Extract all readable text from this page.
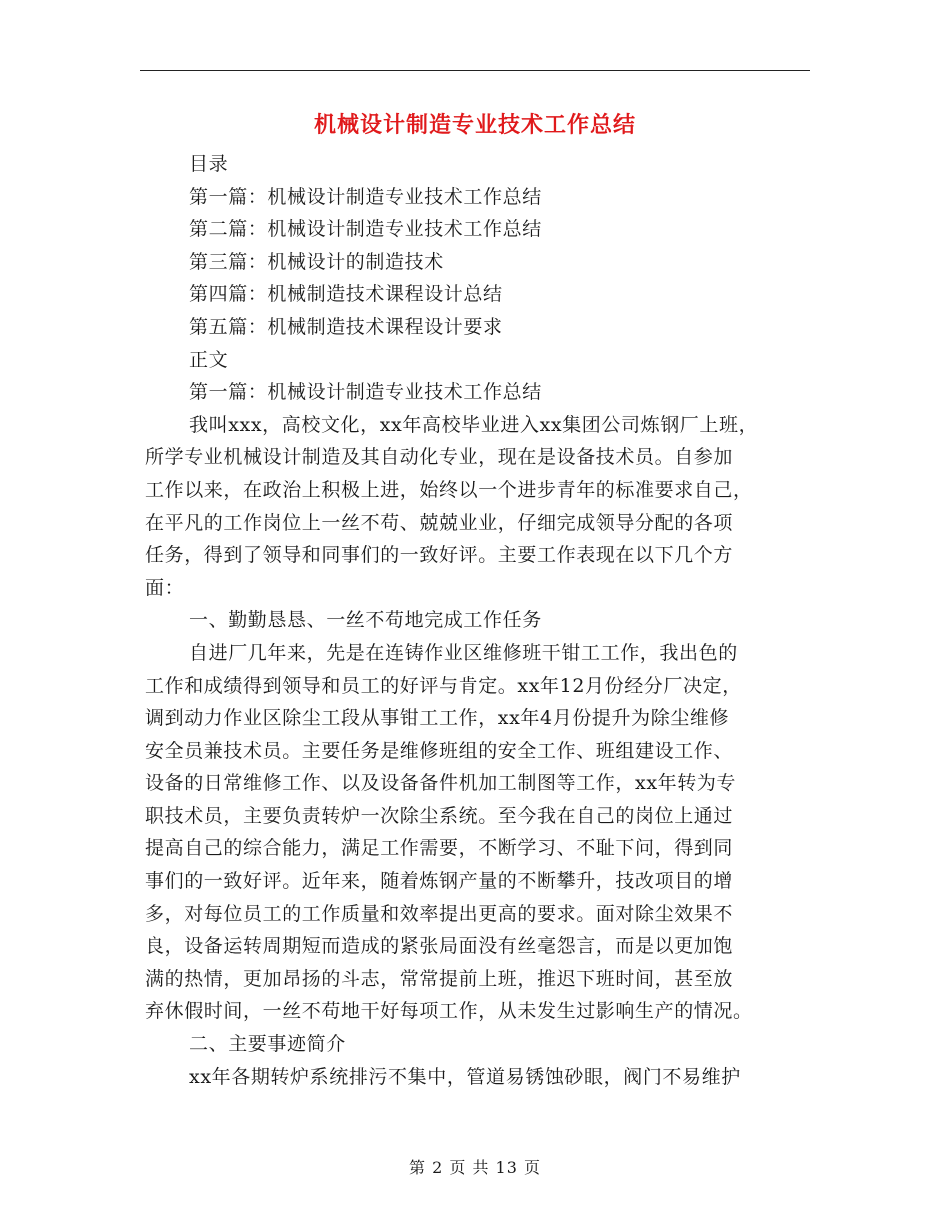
机械设计制造专业技术工作总结
目录
第一篇：机械设计制造专业技术工作总结
第二篇：机械设计制造专业技术工作总结
第三篇：机械设计的制造技术
第四篇：机械制造技术课程设计总结
第五篇：机械制造技术课程设计要求
正文
第一篇：机械设计制造专业技术工作总结
我叫xxx，高校文化，xx年高校毕业进入xx集团公司炼钢厂上班，
所学专业机械设计制造及其自动化专业，现在是设备技术员。自参加
工作以来，在政治上积极上进，始终以一个进步青年的标准要求自己，
在平凡的工作岗位上一丝不苟、兢兢业业，仔细完成领导分配的各项
任务，得到了领导和同事们的一致好评。主要工作表现在以下几个方
面：
一、勤勤恳恳、一丝不苟地完成工作任务
自进厂几年来，先是在连铸作业区维修班干钳工工作，我出色的
工作和成绩得到领导和员工的好评与肯定。xx年12月份经分厂决定，
调到动力作业区除尘工段从事钳工工作，xx年4月份提升为除尘维修
安全员兼技术员。主要任务是维修班组的安全工作、班组建设工作、
设备的日常维修工作、以及设备备件机加工制图等工作，xx年转为专
职技术员，主要负责转炉一次除尘系统。至今我在自己的岗位上通过
提高自己的综合能力，满足工作需要，不断学习、不耻下问，得到同
事们的一致好评。近年来，随着炼钢产量的不断攀升，技改项目的增
多，对每位员工的工作质量和效率提出更高的要求。面对除尘效果不
良，设备运转周期短而造成的紧张局面没有丝毫怨言，而是以更加饱
满的热情，更加昂扬的斗志，常常提前上班，推迟下班时间，甚至放
弃休假时间，一丝不苟地干好每项工作，从未发生过影响生产的情况。
二、主要事迹简介
xx年各期转炉系统排污不集中，管道易锈蚀砂眼，阀门不易维护
第 2 页 共 13 页
